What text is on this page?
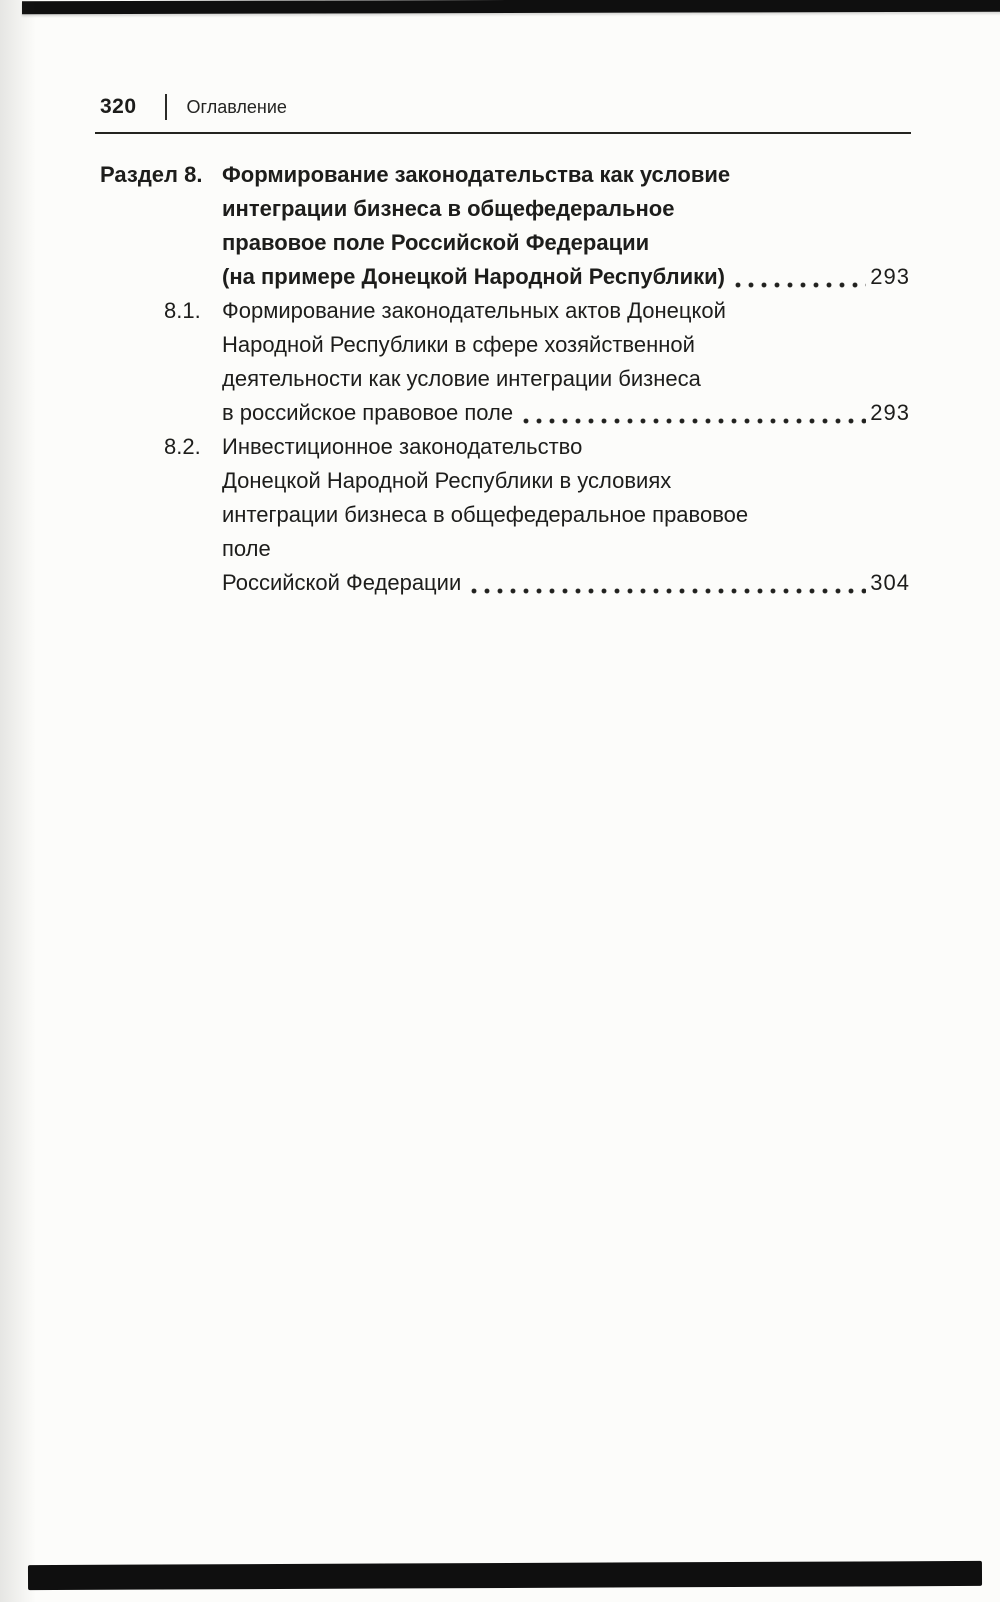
320	Оглавление
Раздел 8. Формирование законодательства как условие
интеграции бизнеса в общефедеральное
правовое поле Российской Федерации
(на примере Донецкой Народной Республики)	293
8.1. Формирование законодательных актов Донецкой
Народной Республики в сфере хозяйственной
деятельности как условие интеграции бизнеса
в российское правовое поле	293
8.2. Инвестиционное законодательство
Донецкой Народной Республики в условиях
интеграции бизнеса в общефедеральное правовое
поле
Российской Федерации	304
